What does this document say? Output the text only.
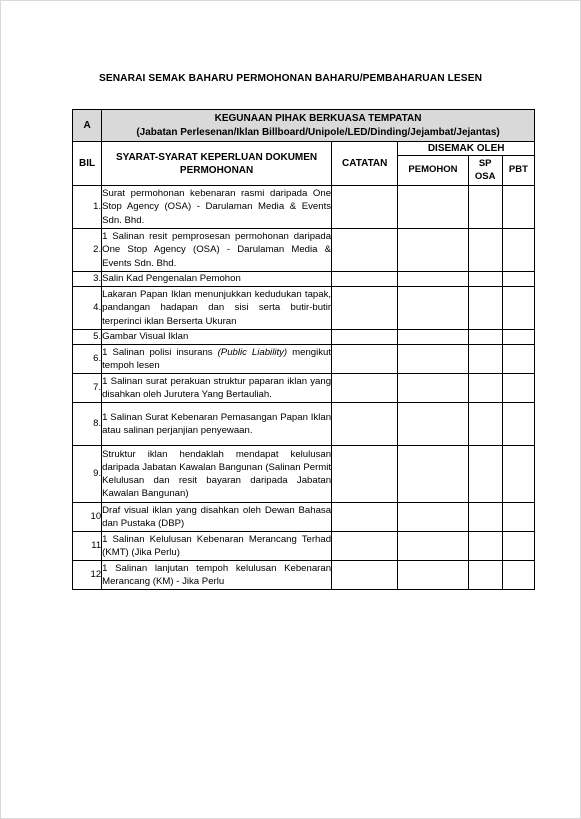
SENARAI SEMAK BAHARU PERMOHONAN BAHARU/PEMBAHARUAN LESEN
A	KEGUNAAN PIHAK BERKUASA TEMPATAN
(Jabatan Perlesenan/Iklan Billboard/Unipole/LED/Dinding/Jejambat/Jejantas)				

BIL	SYARAT-SYARAT KEPERLUAN DOKUMEN PERMOHONAN	CATATAN	DISEMAK OLEH		
			PEMOHON	SP OSA	PBT
1.	Surat permohonan kebenaran rasmi daripada One Stop Agency (OSA) - Darulaman Media & Events Sdn. Bhd.				
2.	1 Salinan resit pemprosesan permohonan daripada One Stop Agency (OSA) - Darulaman Media & Events Sdn. Bhd.				
3.	Salin Kad Pengenalan Pemohon				
4.	Lakaran Papan Iklan menunjukkan kedudukan tapak, pandangan hadapan dan sisi serta butir-butir terperinci iklan Berserta Ukuran				
5.	Gambar Visual Iklan				
6.	1 Salinan polisi insurans (Public Liability) mengikut tempoh lesen				
7.	1 Salinan surat perakuan struktur paparan iklan yang disahkan oleh Jurutera Yang Bertauliah.				
8.	1 Salinan Surat Kebenaran Pemasangan Papan Iklan atau salinan perjanjian penyewaan.				
9.	Struktur iklan hendaklah mendapat kelulusan daripada Jabatan Kawalan Bangunan (Salinan Permit Kelulusan dan resit bayaran daripada Jabatan Kawalan Bangunan)				
10	Draf visual iklan yang disahkan oleh Dewan Bahasa dan Pustaka (DBP)				
11	1 Salinan Kelulusan Kebenaran Merancang Terhad (KMT) (Jika Perlu)				
12	1 Salinan lanjutan tempoh kelulusan Kebenaran Merancang (KM) - Jika Perlu				
